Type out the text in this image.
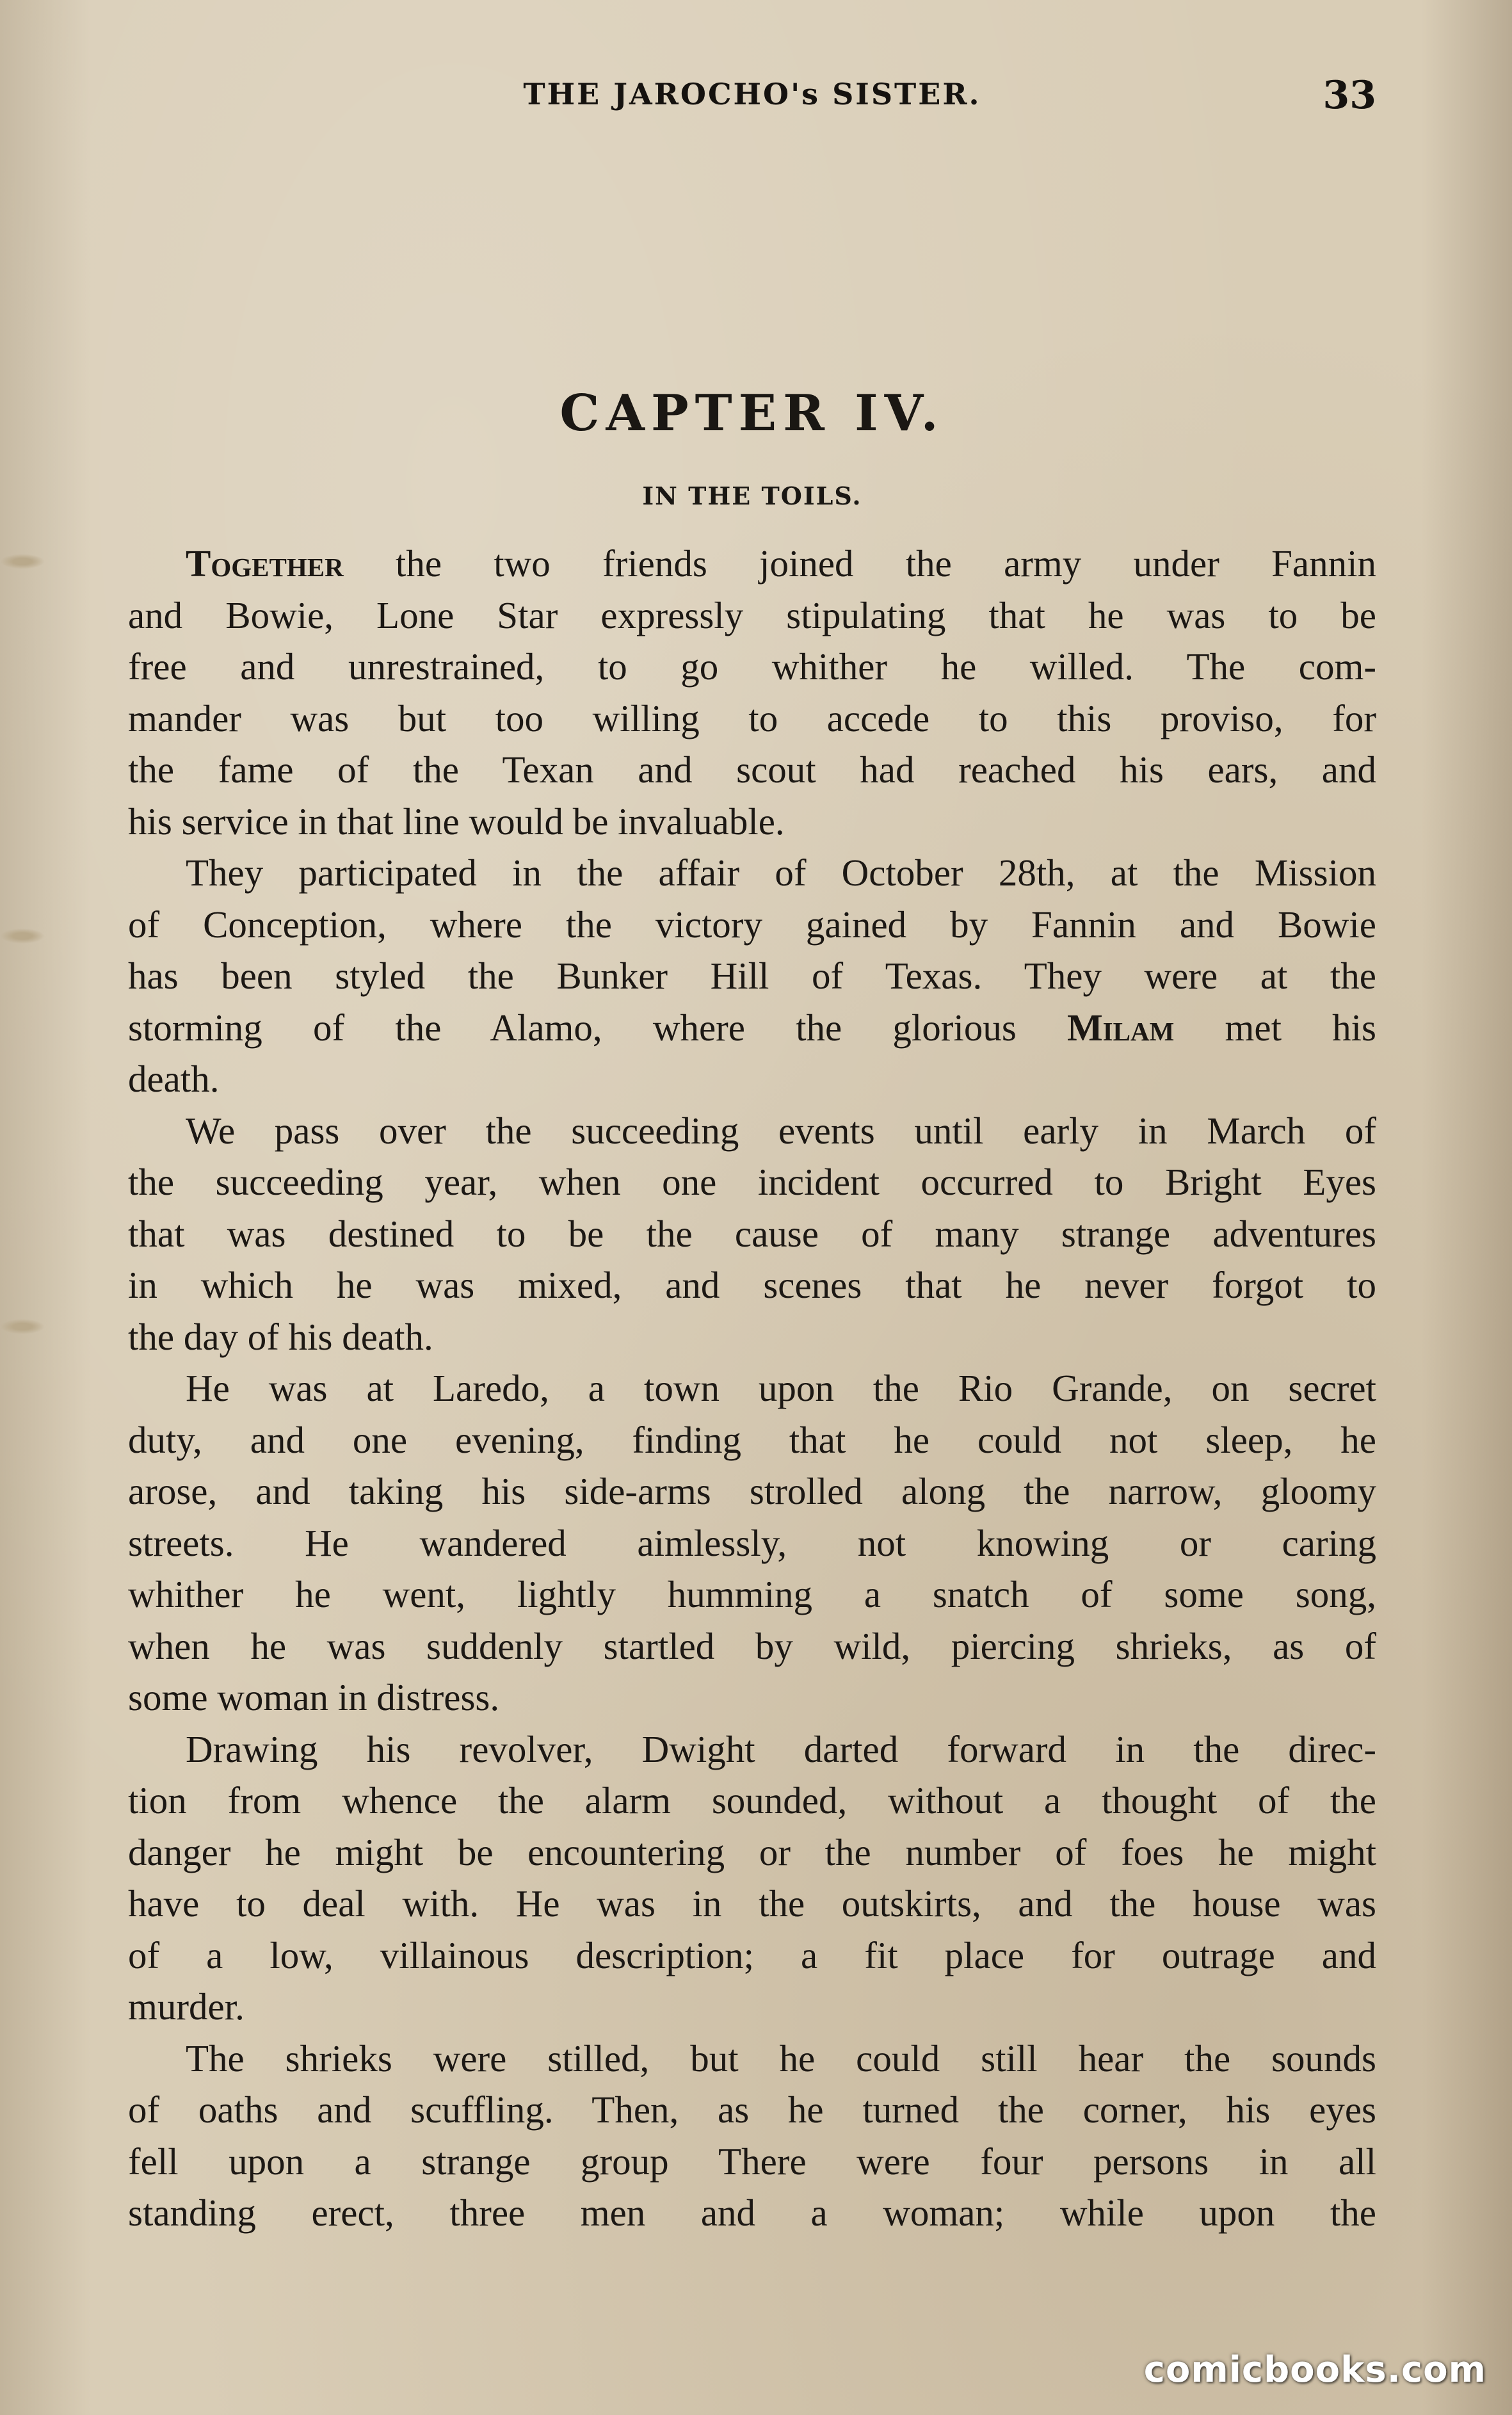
THE JAROCHO's SISTER.	33
CAPTER IV.
IN THE TOILS.
Together the two friends joined the army under Fannin
and Bowie, Lone Star expressly stipulating that he was to be
free and unrestrained, to go whither he willed. The com-
mander was but too willing to accede to this proviso, for
the fame of the Texan and scout had reached his ears, and
his service in that line would be invaluable.
They participated in the affair of October 28th, at the Mission
of Conception, where the victory gained by Fannin and Bowie
has been styled the Bunker Hill of Texas. They were at the
storming of the Alamo, where the glorious Milam met his
death.
We pass over the succeeding events until early in March of
the succeeding year, when one incident occurred to Bright Eyes
that was destined to be the cause of many strange adventures
in which he was mixed, and scenes that he never forgot to
the day of his death.
He was at Laredo, a town upon the Rio Grande, on secret
duty, and one evening, finding that he could not sleep, he
arose, and taking his side-arms strolled along the narrow, gloomy
streets. He wandered aimlessly, not knowing or caring
whither he went, lightly humming a snatch of some song,
when he was suddenly startled by wild, piercing shrieks, as of
some woman in distress.
Drawing his revolver, Dwight darted forward in the direc-
tion from whence the alarm sounded, without a thought of the
danger he might be encountering or the number of foes he might
have to deal with. He was in the outskirts, and the house was
of a low, villainous description; a fit place for outrage and
murder.
The shrieks were stilled, but he could still hear the sounds
of oaths and scuffling. Then, as he turned the corner, his eyes
fell upon a strange group There were four persons in all
standing erect, three men and a woman; while upon the
comicbooks.com
